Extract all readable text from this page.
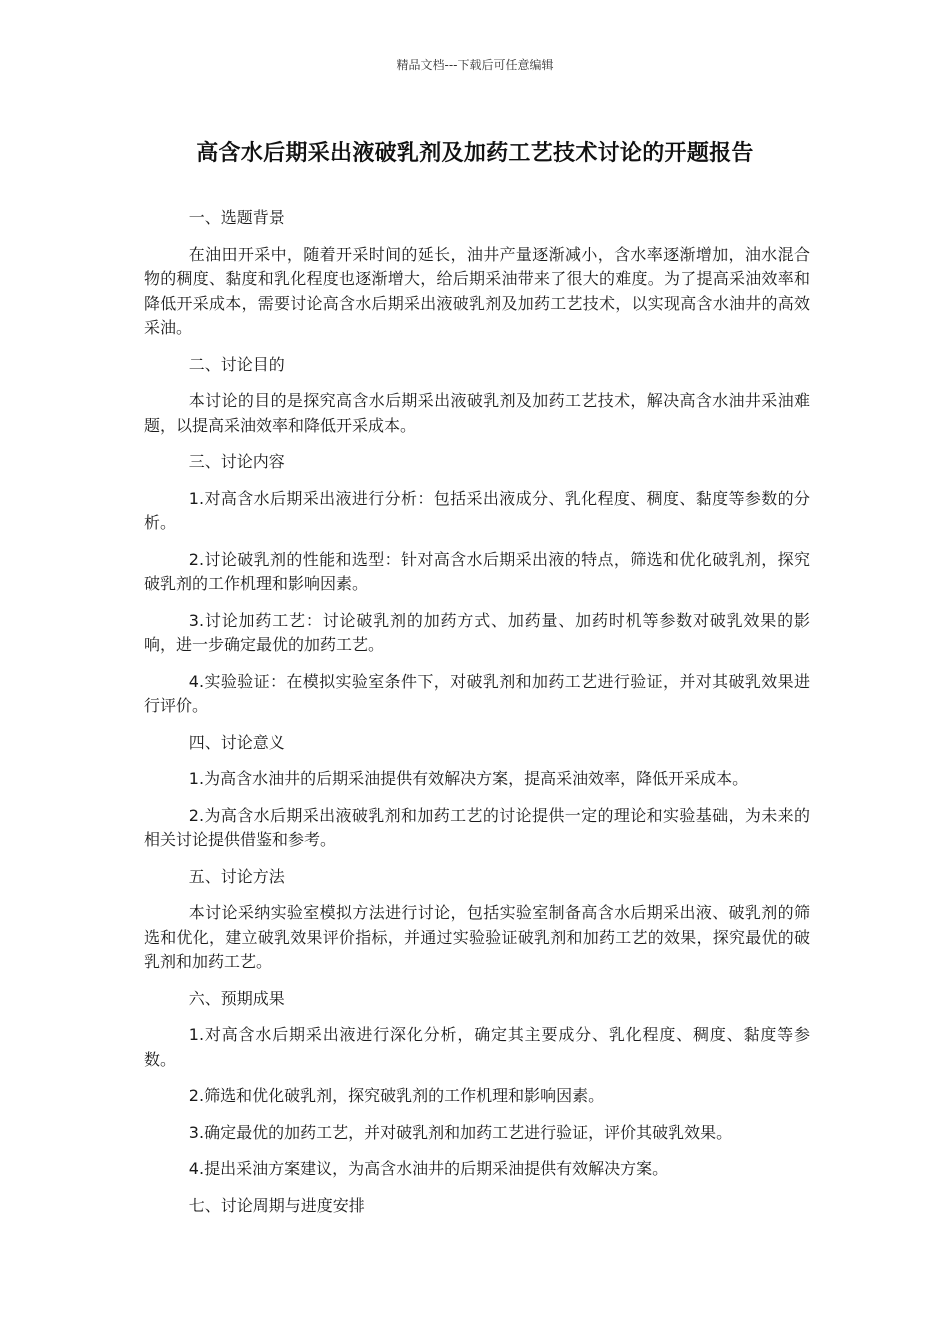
精品文档---下载后可任意编辑
高含水后期采出液破乳剂及加药工艺技术讨论的开题报告

一、选题背景

在油田开采中，随着开采时间的延长，油井产量逐渐减小，含水率逐渐增加，油水混合物的稠度、黏度和乳化程度也逐渐增大，给后期采油带来了很大的难度。为了提高采油效率和降低开采成本，需要讨论高含水后期采出液破乳剂及加药工艺技术，以实现高含水油井的高效采油。

二、讨论目的

本讨论的目的是探究高含水后期采出液破乳剂及加药工艺技术，解决高含水油井采油难题，以提高采油效率和降低开采成本。

三、讨论内容

1.对高含水后期采出液进行分析：包括采出液成分、乳化程度、稠度、黏度等参数的分析。

2.讨论破乳剂的性能和选型：针对高含水后期采出液的特点，筛选和优化破乳剂，探究破乳剂的工作机理和影响因素。

3.讨论加药工艺：讨论破乳剂的加药方式、加药量、加药时机等参数对破乳效果的影响，进一步确定最优的加药工艺。

4.实验验证：在模拟实验室条件下，对破乳剂和加药工艺进行验证，并对其破乳效果进行评价。

四、讨论意义

1.为高含水油井的后期采油提供有效解决方案，提高采油效率，降低开采成本。

2.为高含水后期采出液破乳剂和加药工艺的讨论提供一定的理论和实验基础，为未来的相关讨论提供借鉴和参考。

五、讨论方法

本讨论采纳实验室模拟方法进行讨论，包括实验室制备高含水后期采出液、破乳剂的筛选和优化，建立破乳效果评价指标，并通过实验验证破乳剂和加药工艺的效果，探究最优的破乳剂和加药工艺。

六、预期成果

1.对高含水后期采出液进行深化分析，确定其主要成分、乳化程度、稠度、黏度等参数。

2.筛选和优化破乳剂，探究破乳剂的工作机理和影响因素。

3.确定最优的加药工艺，并对破乳剂和加药工艺进行验证，评价其破乳效果。

4.提出采油方案建议，为高含水油井的后期采油提供有效解决方案。

七、讨论周期与进度安排
